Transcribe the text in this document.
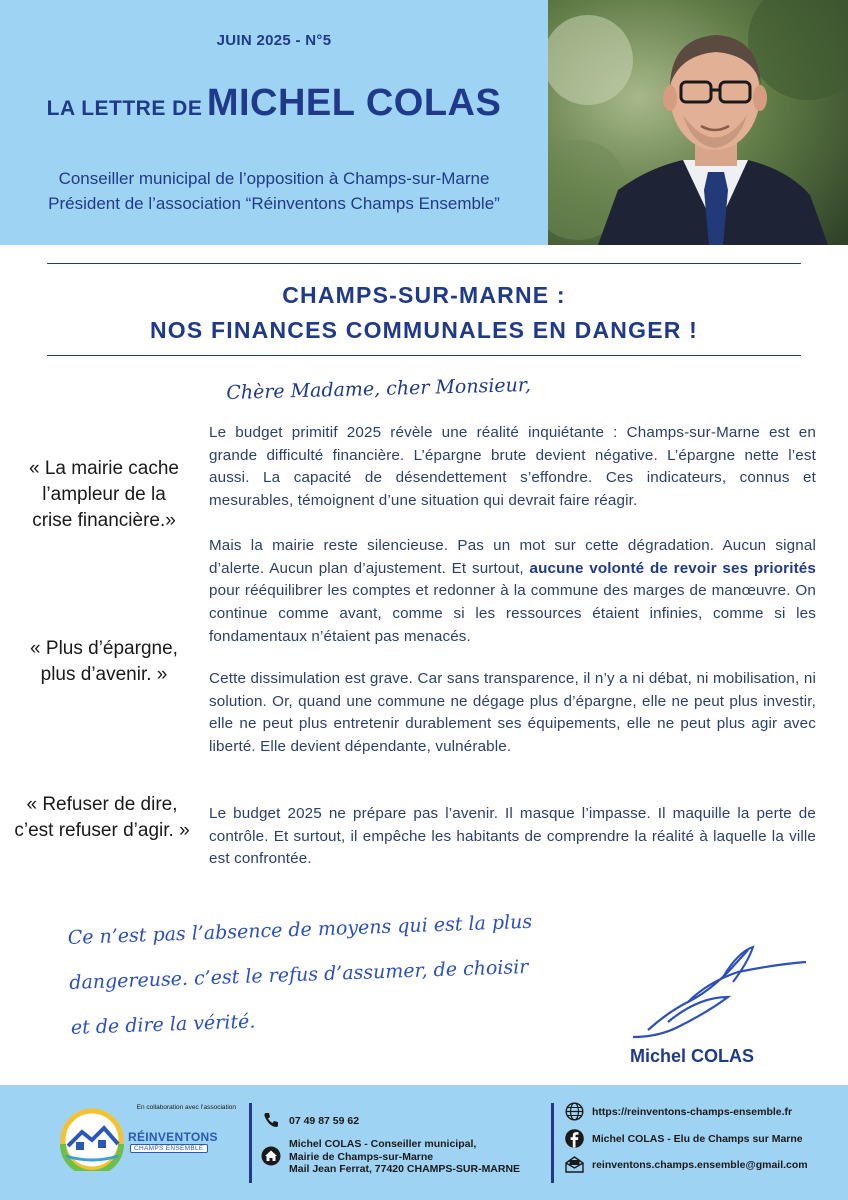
JUIN 2025 - N°5
LA LETTRE DE MICHEL COLAS
Conseiller municipal de l’opposition à Champs-sur-Marne
Président de l’association “Réinventons Champs Ensemble”
CHAMPS-SUR-MARNE :
NOS FINANCES COMMUNALES EN DANGER !
« La mairie cache l’ampleur de la crise financière.»
« Plus d’épargne, plus d’avenir. »
« Refuser de dire, c’est refuser d’agir. »
Chère Madame, cher Monsieur,
Le budget primitif 2025 révèle une réalité inquiétante : Champs-sur-Marne est en grande difficulté financière. L’épargne brute devient négative. L’épargne nette l’est aussi. La capacité de désendettement s’effondre. Ces indicateurs, connus et mesurables, témoignent d’une situation qui devrait faire réagir.
Mais la mairie reste silencieuse. Pas un mot sur cette dégradation. Aucun signal d’alerte. Aucun plan d’ajustement. Et surtout, aucune volonté de revoir ses priorités pour rééquilibrer les comptes et redonner à la commune des marges de manœuvre. On continue comme avant, comme si les ressources étaient infinies, comme si les fondamentaux n’étaient pas menacés.
Cette dissimulation est grave. Car sans transparence, il n’y a ni débat, ni mobilisation, ni solution. Or, quand une commune ne dégage plus d’épargne, elle ne peut plus investir, elle ne peut plus entretenir durablement ses équipements, elle ne peut plus agir avec liberté. Elle devient dépendante, vulnérable.
Le budget 2025 ne prépare pas l’avenir. Il masque l’impasse. Il maquille la perte de contrôle. Et surtout, il empêche les habitants de comprendre la réalité à laquelle la ville est confrontée.
Ce n’est pas l’absence de moyens qui est la plus
dangereuse. c’est le refus d’assumer, de choisir
et de dire la vérité.
Michel COLAS
En collaboration avec l’association
RÉINVENTONS
CHAMPS ENSEMBLE
07 49 87 59 62
Michel COLAS - Conseiller municipal,
Mairie de Champs-sur-Marne
Mail Jean Ferrat, 77420 CHAMPS-SUR-MARNE
https://reinventons-champs-ensemble.fr
Michel COLAS - Elu de Champs sur Marne
reinventons.champs.ensemble@gmail.com
